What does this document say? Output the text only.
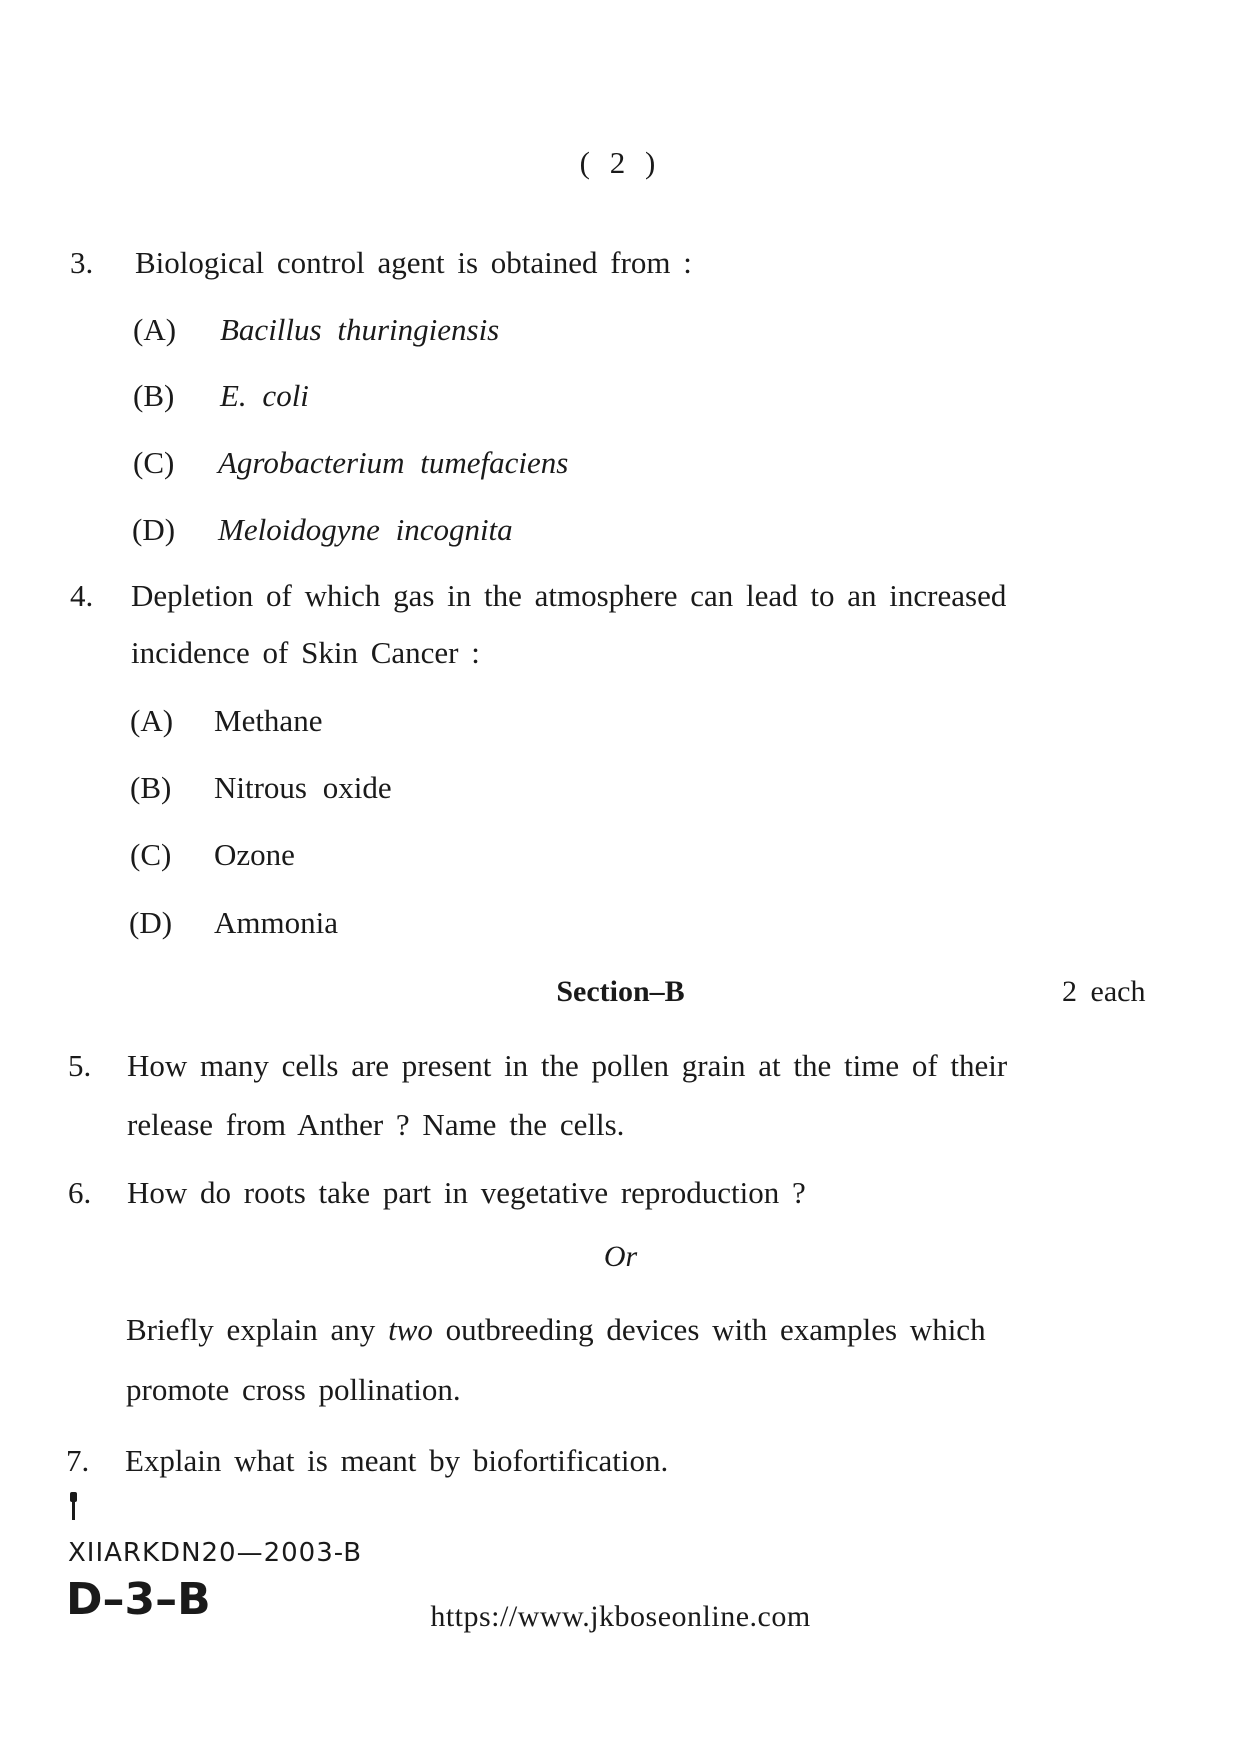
( 2 )
3. Biological control agent is obtained from :
(A) Bacillus thuringiensis
(B) E. coli
(C) Agrobacterium tumefaciens
(D) Meloidogyne incognita
4. Depletion of which gas in the atmosphere can lead to an increased
incidence of Skin Cancer :
(A) Methane
(B) Nitrous oxide
(C) Ozone
(D) Ammonia
Section–B	2 each
5. How many cells are present in the pollen grain at the time of their
release from Anther ? Name the cells.
6. How do roots take part in vegetative reproduction ?
Or
Briefly explain any two outbreeding devices with examples which
promote cross pollination.
7. Explain what is meant by biofortification.
XIIARKDN20—2003-B
D–3–B	https://www.jkboseonline.com
